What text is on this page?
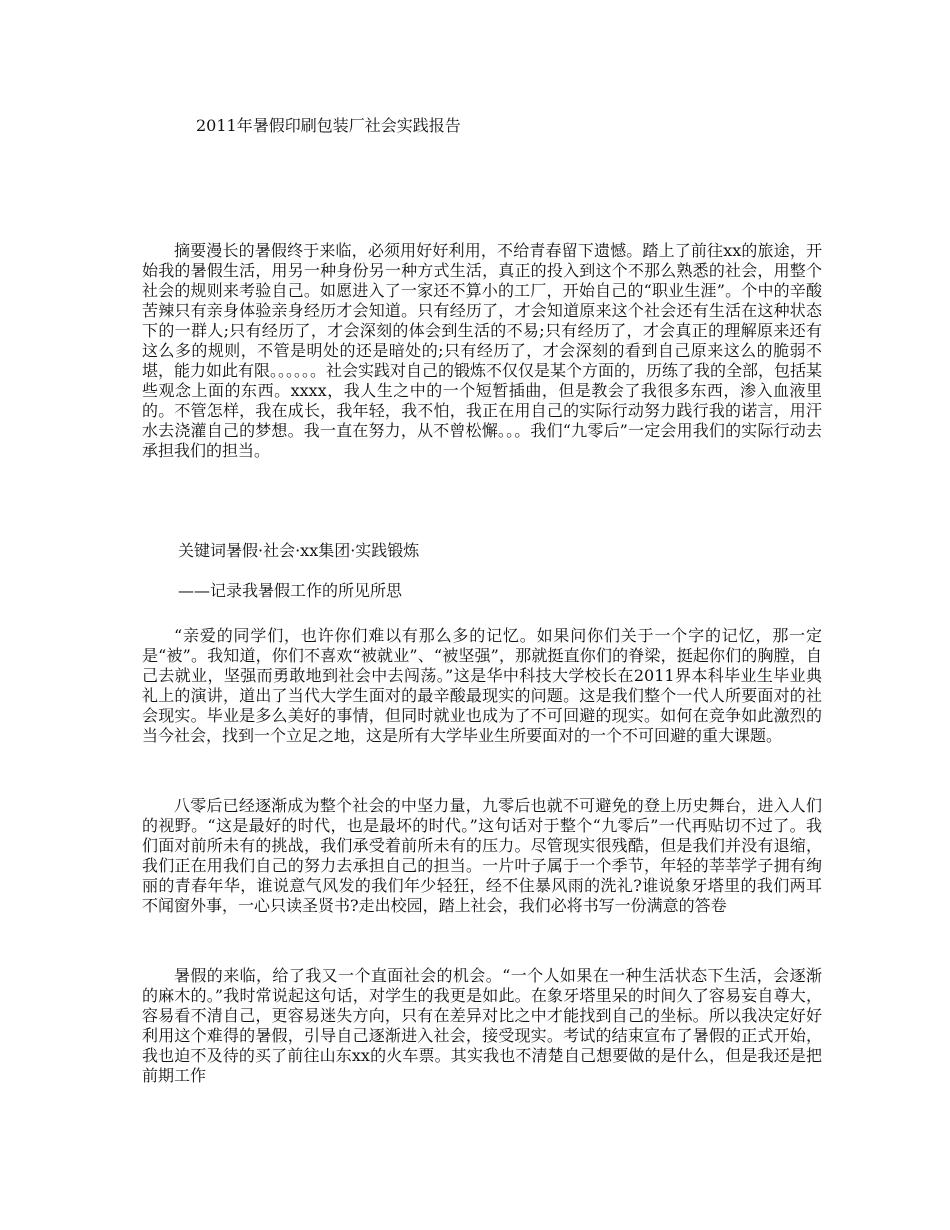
2011年暑假印刷包装厂社会实践报告

摘要漫长的暑假终于来临，必须用好好利用，不给青春留下遗憾。踏上了前往xx的旅途，开始我的暑假生活，用另一种身份另一种方式生活，真正的投入到这个不那么熟悉的社会，用整个社会的规则来考验自己。如愿进入了一家还不算小的工厂，开始自己的“职业生涯”。个中的辛酸苦辣只有亲身体验亲身经历才会知道。只有经历了，才会知道原来这个社会还有生活在这种状态下的一群人;只有经历了，才会深刻的体会到生活的不易;只有经历了，才会真正的理解原来还有这么多的规则，不管是明处的还是暗处的;只有经历了，才会深刻的看到自己原来这么的脆弱不堪，能力如此有限。。。。。。社会实践对自己的锻炼不仅仅是某个方面的，历练了我的全部，包括某些观念上面的东西。xxxx，我人生之中的一个短暂插曲，但是教会了我很多东西，渗入血液里的。不管怎样，我在成长，我年轻，我不怕，我正在用自己的实际行动努力践行我的诺言，用汗水去浇灌自己的梦想。我一直在努力，从不曾松懈。。。我们“九零后”一定会用我们的实际行动去承担我们的担当。

关键词暑假·社会·xx集团·实践锻炼

——记录我暑假工作的所见所思

“亲爱的同学们，也许你们难以有那么多的记忆。如果问你们关于一个字的记忆，那一定是“被”。我知道，你们不喜欢“被就业”、“被坚强”，那就挺直你们的脊梁，挺起你们的胸膛，自己去就业，坚强而勇敢地到社会中去闯荡。”这是华中科技大学校长在2011界本科毕业生毕业典礼上的演讲，道出了当代大学生面对的最辛酸最现实的问题。这是我们整个一代人所要面对的社会现实。毕业是多么美好的事情，但同时就业也成为了不可回避的现实。如何在竞争如此激烈的当今社会，找到一个立足之地，这是所有大学毕业生所要面对的一个不可回避的重大课题。

八零后已经逐渐成为整个社会的中坚力量，九零后也就不可避免的登上历史舞台，进入人们的视野。“这是最好的时代，也是最坏的时代。”这句话对于整个“九零后”一代再贴切不过了。我们面对前所未有的挑战，我们承受着前所未有的压力。尽管现实很残酷，但是我们并没有退缩，我们正在用我们自己的努力去承担自己的担当。一片叶子属于一个季节，年轻的莘莘学子拥有绚丽的青春年华，谁说意气风发的我们年少轻狂，经不住暴风雨的洗礼?谁说象牙塔里的我们两耳不闻窗外事，一心只读圣贤书?走出校园，踏上社会，我们必将书写一份满意的答卷

暑假的来临，给了我又一个直面社会的机会。“一个人如果在一种生活状态下生活，会逐渐的麻木的。”我时常说起这句话，对学生的我更是如此。在象牙塔里呆的时间久了容易妄自尊大，容易看不清自己，更容易迷失方向，只有在差异对比之中才能找到自己的坐标。所以我决定好好利用这个难得的暑假，引导自己逐渐进入社会，接受现实。考试的结束宣布了暑假的正式开始，我也迫不及待的买了前往山东xx的火车票。其实我也不清楚自己想要做的是什么，但是我还是把前期工作
